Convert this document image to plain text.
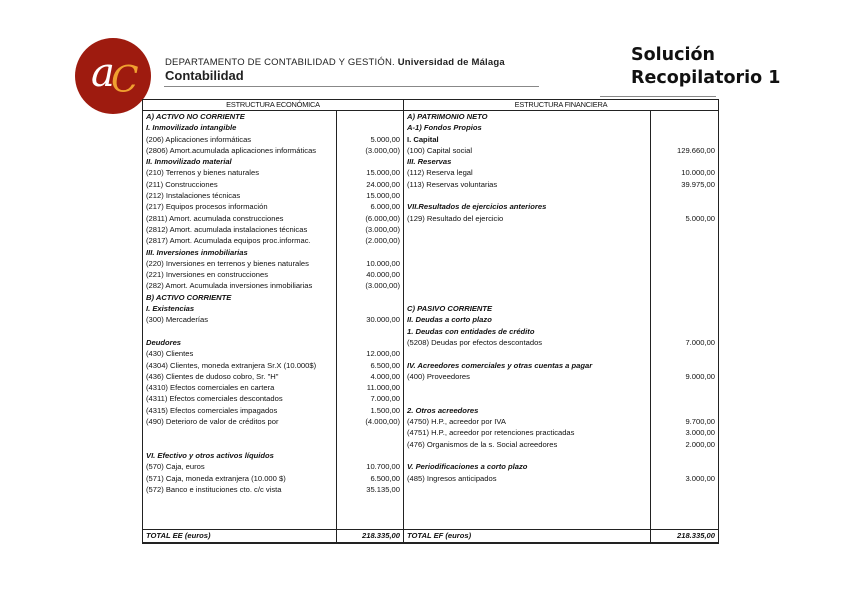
a
C	DEPARTAMENTO DE CONTABILIDAD Y GESTIÓN. Universidad de Málaga
Contabilidad
Solución
Recopilatorio 1
ESTRUCTURA ECONÓMICA		ESTRUCTURA FINANCIERA	
A) ACTIVO NO CORRIENTE		A) PATRIMONIO NETO	
I. Inmovilizado intangible		A-1) Fondos Propios	
(206) Aplicaciones informáticas	5.000,00	I. Capital	
(2806) Amort.acumulada aplicaciones informáticas	(3.000,00)	(100) Capital social	129.660,00
II. Inmovilizado material		III. Reservas	
(210) Terrenos y bienes naturales	15.000,00	(112) Reserva legal	10.000,00
(211) Construcciones	24.000,00	(113) Reservas voluntarias	39.975,00
(212) Instalaciones técnicas	15.000,00		
(217) Equipos procesos información	6.000,00	VII.Resultados de ejercicios anteriores	
(2811) Amort. acumulada construcciones	(6.000,00)	(129) Resultado del ejercicio	5.000,00
(2812) Amort. acumulada instalaciones técnicas	(3.000,00)		
(2817) Amort. Acumulada equipos proc.informac.	(2.000,00)		
III. Inversiones inmobiliarias			
(220) Inversiones en terrenos y bienes naturales	10.000,00		
(221) Inversiones en construcciones	40.000,00		
(282) Amort. Acumulada inversiones inmobiliarias	(3.000,00)		
B) ACTIVO CORRIENTE			
I. Existencias		C) PASIVO CORRIENTE	
(300) Mercaderías	30.000,00	II. Deudas a corto plazo	
		1. Deudas con entidades de crédito	
Deudores		(5208) Deudas por efectos descontados	7.000,00
(430) Clientes	12.000,00		
(4304) Clientes, moneda extranjera Sr.X (10.000$)	6.500,00	IV. Acreedores comerciales y otras cuentas a pagar	
(436) Clientes de dudoso cobro, Sr. "H"	4.000,00	(400) Proveedores	9.000,00
(4310) Efectos comerciales en cartera	11.000,00		
(4311) Efectos comerciales descontados	7.000,00		
(4315) Efectos comerciales impagados	1.500,00	2. Otros acreedores	
(490) Deterioro de valor de créditos por	(4.000,00)	(4750) H.P., acreedor por IVA	9.700,00
		(4751) H.P., acreedor por retenciones practicadas	3.000,00
		(476) Organismos de la s. Social acreedores	2.000,00
VI. Efectivo y otros activos líquidos			
(570) Caja, euros	10.700,00	V. Periodificaciones a corto plazo	
(571) Caja, moneda extranjera (10.000 $)	6.500,00	(485) Ingresos anticipados	3.000,00
(572) Banco e instituciones cto. c/c vista	35.135,00		

TOTAL EE (euros)	218.335,00	TOTAL EF (euros)	218.335,00
